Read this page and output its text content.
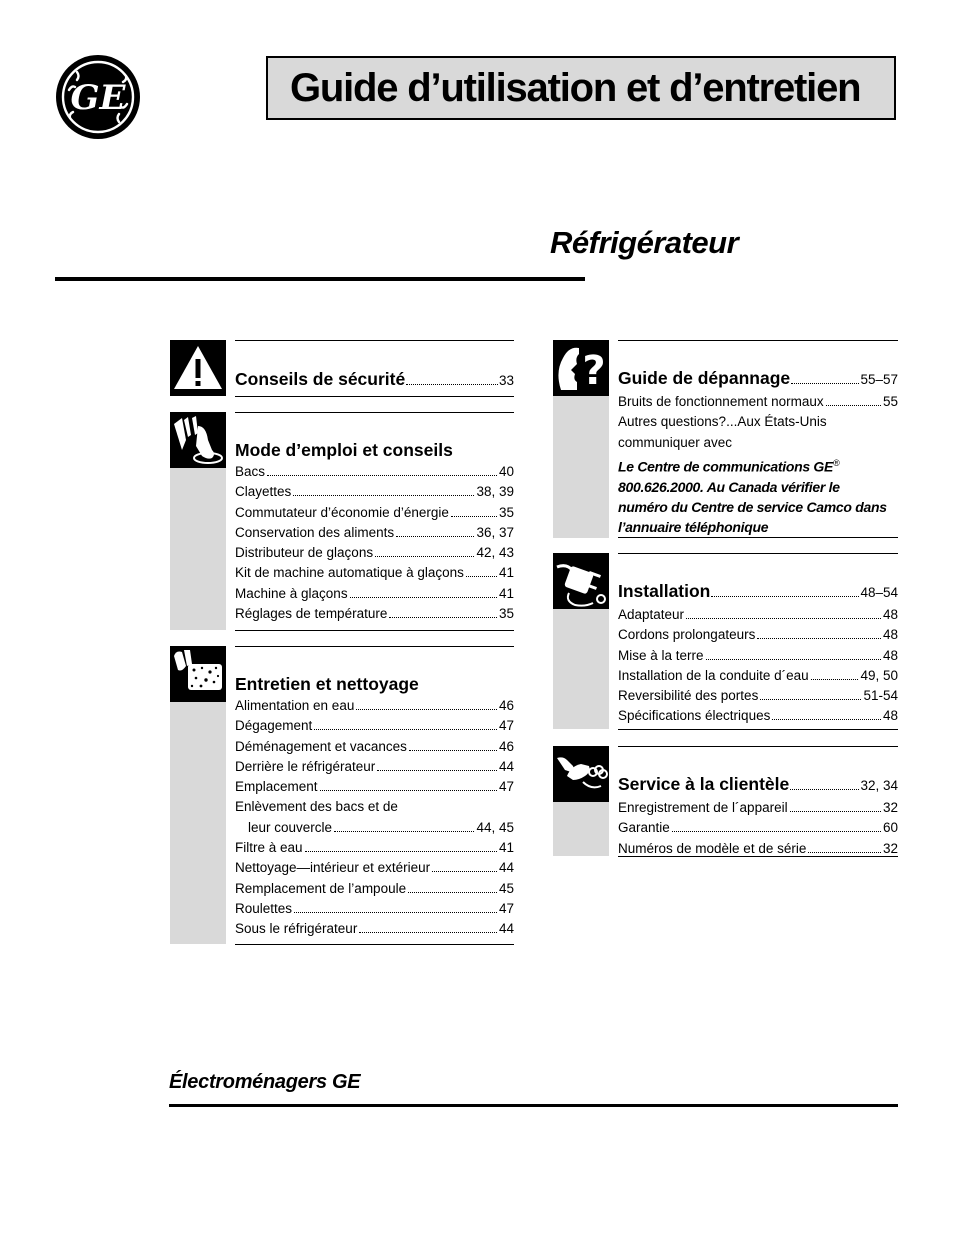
GE	Guide d’utilisation et d’entretien
Réfrigérateur
Conseils de sécurité	33
Mode d’emploi et conseils
Bacs	40
Clayettes	38, 39
Commutateur d’économie d’énergie	35
Conservation des aliments	36, 37
Distributeur de glaçons	42, 43
Kit de machine automatique à glaçons	41
Machine à glaçons	41
Réglages de température	35
Entretien et nettoyage
Alimentation en eau	46
Dégagement	47
Déménagement et vacances	46
Derrière le réfrigérateur	44
Emplacement	47
Enlèvement des bacs et de
leur couvercle	44, 45
Filtre à eau	41
Nettoyage—intérieur et extérieur	44
Remplacement de l’ampoule	45
Roulettes	47
Sous le réfrigérateur	44
? Guide de dépannage	55–57
Bruits de fonctionnement normaux	55
Autres questions?...Aux États-Unis
communiquer avec
Le Centre de communications GE®
800.626.2000. Au Canada vérifier le
numéro du Centre de service Camco dans
l’annuaire téléphonique
Installation	48–54
Adaptateur	48
Cordons prolongateurs	48
Mise à la terre	48
Installation de la conduite d´eau	49, 50
Reversibilité des portes	51-54
Spécifications électriques	48
Service à la clientèle	32, 34
Enregistrement de l´appareil	32
Garantie	60
Numéros de modèle et de série	32
Électroménagers GE
